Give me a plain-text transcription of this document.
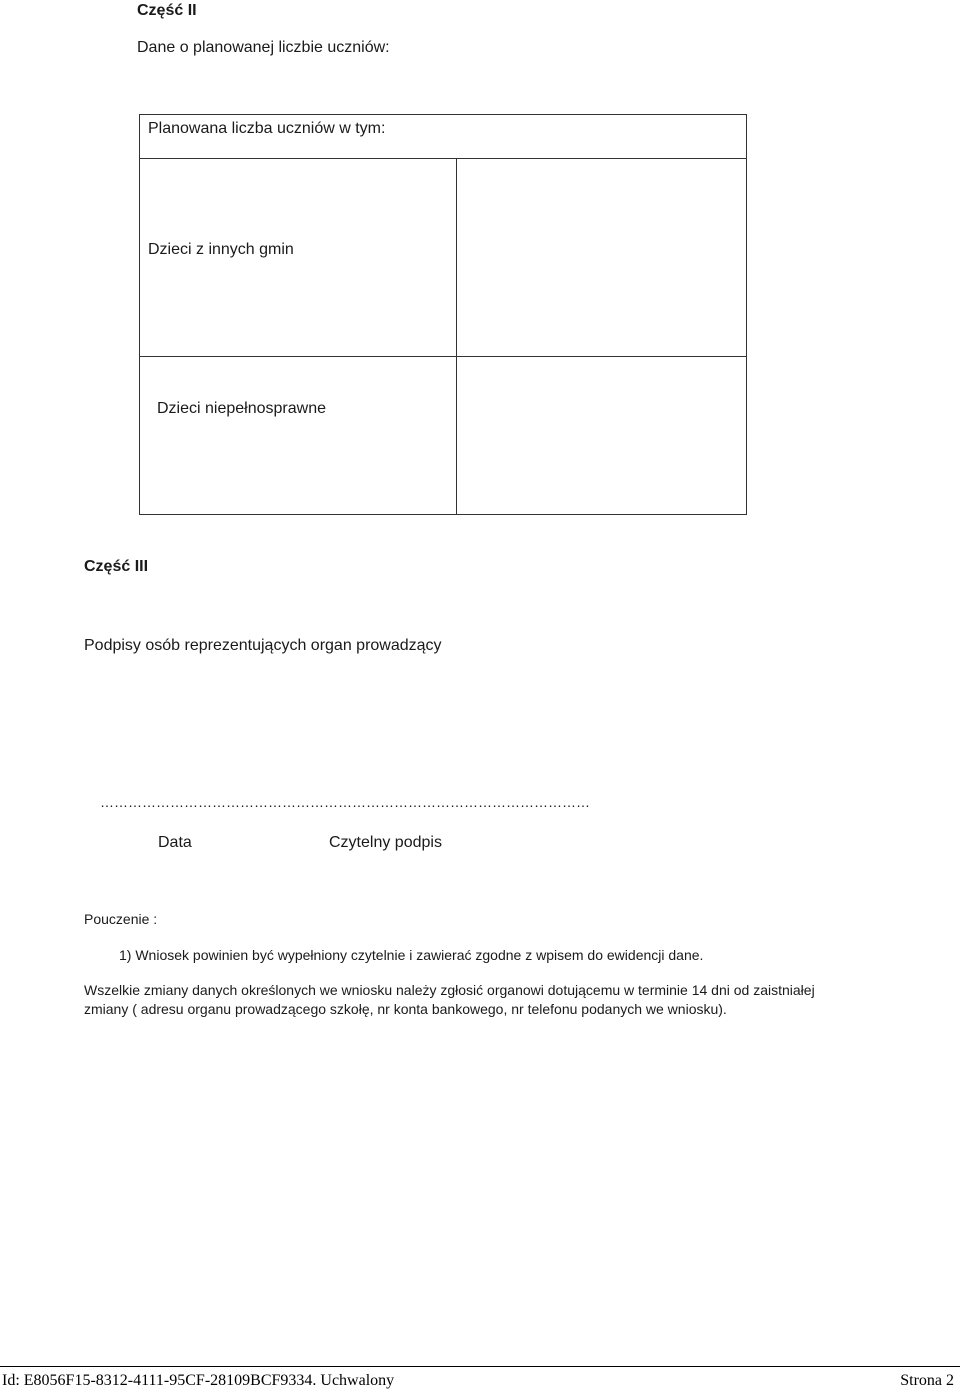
Część II
Dane o planowanej liczbie uczniów:
Planowana liczba uczniów w tym:
Dzieci z innych gmin
Dzieci niepełnosprawne
Część III
Podpisy osób reprezentujących organ prowadzący
……………………………………………………………………………………………
Data	Czytelny podpis
Pouczenie :
1) Wniosek powinien być wypełniony czytelnie i zawierać zgodne z wpisem do ewidencji dane.
Wszelkie zmiany danych określonych we wniosku należy zgłosić organowi dotującemu w terminie 14 dni od zaistniałej
zmiany ( adresu organu prowadzącego szkołę, nr konta bankowego, nr telefonu podanych we wniosku).
Id: E8056F15-8312-4111-95CF-28109BCF9334. Uchwalony	Strona 2
